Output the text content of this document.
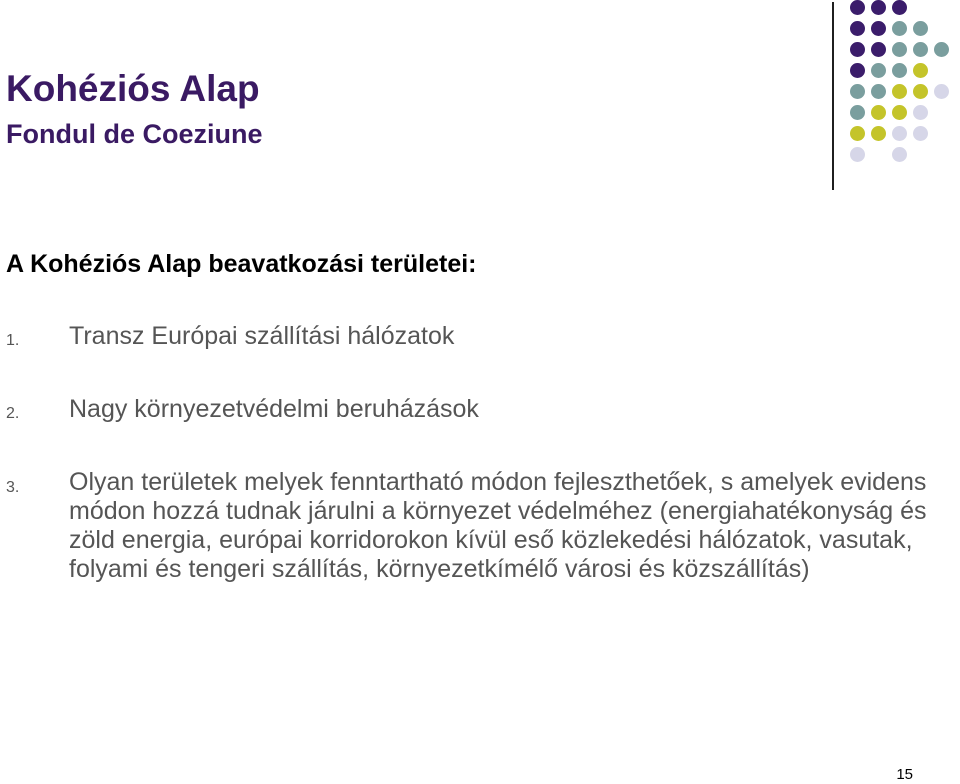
Kohéziós Alap
Fondul de Coeziune
A Kohéziós Alap beavatkozási területei:
1. Transz Európai szállítási hálózatok
2. Nagy környezetvédelmi beruházások
3. Olyan területek melyek fenntartható módon fejleszthetőek, s amelyek evidens módon hozzá tudnak járulni a környezet védelméhez (energiahatékonyság és zöld energia, európai korridorokon kívül eső közlekedési hálózatok, vasutak, folyami és tengeri szállítás, környezetkímélő városi és közszállítás)
15
